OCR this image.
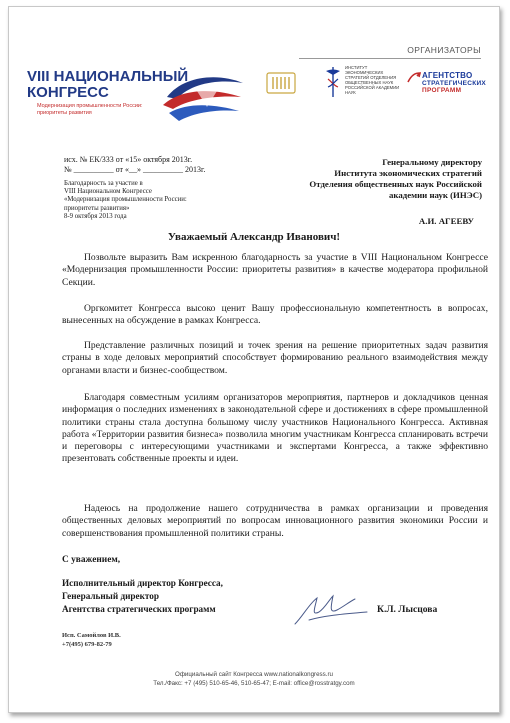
ОРГАНИЗАТОРЫ
VIII НАЦИОНАЛЬНЫЙ
КОНГРЕСС
Модернизация промышленности России:
приоритеты развития
ИНСТИТУТ ЭКОНОМИЧЕСКИХ СТРАТЕГИЙ ОТДЕЛЕНИЯ ОБЩЕСТВЕННЫХ НАУК РОССИЙСКОЙ АКАДЕМИИ НАУК
АГЕНТСТВО
СТРАТЕГИЧЕСКИХ
ПРОГРАММ
исх. № ЕК/333 от «15» октября 2013г.
№ __________ от «__» __________ 2013г.
Благодарность за участие в
VIII Национальном Конгрессе
«Модернизация промышленности России:
приоритеты развития»
8-9 октября 2013 года
Генеральному директору
Института экономических стратегий
Отделения общественных наук Российской
академии наук (ИНЭС)
А.И. АГЕЕВУ
Уважаемый Александр Иванович!
Позвольте выразить Вам искренною благодарность за участие в VIII Национальном Конгрессе «Модернизация промышленности России: приоритеты развития» в качестве модератора профильной Секции.
Оргкомитет Конгресса высоко ценит Вашу профессиональную компетентность в вопросах, вынесенных на обсуждение в рамках Конгресса.
Представление различных позиций и точек зрения на решение приоритетных задач развития страны в ходе деловых мероприятий способствует формированию реального взаимодействия между органами власти и бизнес-сообществом.
Благодаря совместным усилиям организаторов мероприятия, партнеров и докладчиков ценная информация о последних изменениях в законодательной сфере и достижениях в сфере промышленной политики страны стала доступна большому числу участников Национального Конгресса. Активная работа «Территории развития бизнеса» позволила многим участникам Конгресса спланировать встречи и переговоры с интересующими участниками и экспертами Конгресса, а также эффективно презентовать собственные проекты и идеи.
Надеюсь на продолжение нашего сотрудничества в рамках организации и проведения общественных деловых мероприятий по вопросам инновационного развития экономики России и совершенствования промышленной политики страны.
С уважением,
Исполнительный директор Конгресса,
Генеральный директор
Агентства стратегических программ	К.Л. Лысцова
Исп. Самойлов И.В.
+7(495) 679-82-79
Официальный сайт Конгресса www.nationalkongress.ru
Тел./Факс: +7 (495) 510-65-46, 510-65-47; E-mail: office@rosstratgy.com
